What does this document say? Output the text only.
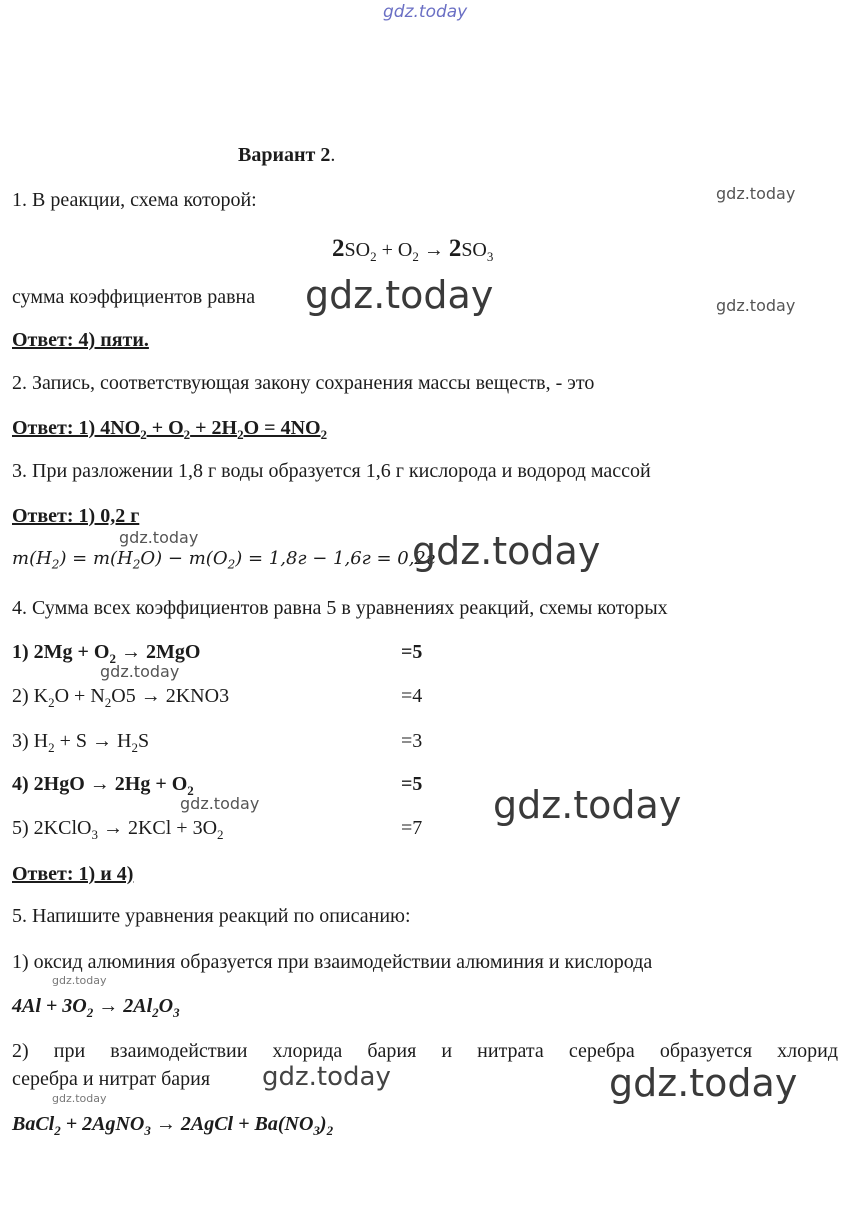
gdz.today
Вариант 2.
1. В реакции, схема которой:	gdz.today
$2SO_2 + O_2 \to 2SO_3$
сумма коэффициентов равна gdz.today	gdz.today
Ответ: 4) пяти.
2. Запись, соответствующая закону сохранения массы веществ, - это
Ответ: 1) $4NO_2 + O_2 + 2H_2O = 4NO_2$
3. При разложении 1,8 г воды образуется 1,6 г кислорода и водород массой
Ответ: 1) 0,2 г
gdz.today
$m(H_2) = m(H_2O) - m(O_2) = 1,8г - 1,6г = 0,2г$
gdz.today
4. Сумма всех коэффициентов равна 5 в уравнениях реакций, схемы которых
1) $2Mg + O_2 \to 2MgO$	=5
gdz.today
2) $K_2O + N_2O5 \to 2KNO3$	=4
3) $H_2 + S \to H_2S$	=3
4) $2HgO \to 2Hg + O_2$	=5
gdz.today	gdz.today
5) 2KClO$_3$ → $2KCl + 3O_2$	=7
Ответ: 1) и 4)
5. Напишите уравнения реакций по описанию:
1) оксид алюминия образуется при взаимодействии алюминия и кислорода
gdz.today
$4Al + 3O_2 \to 2Al_2O_3$
2) при взаимодействии хлорида бария и нитрата серебра образуется хлорид
серебра и нитрат бария gdz.today	gdz.today
gdz.today
BaCl$_2$ + 2AgNO$_3$ → 2AgCl + $Ba(NO_3)_2$
